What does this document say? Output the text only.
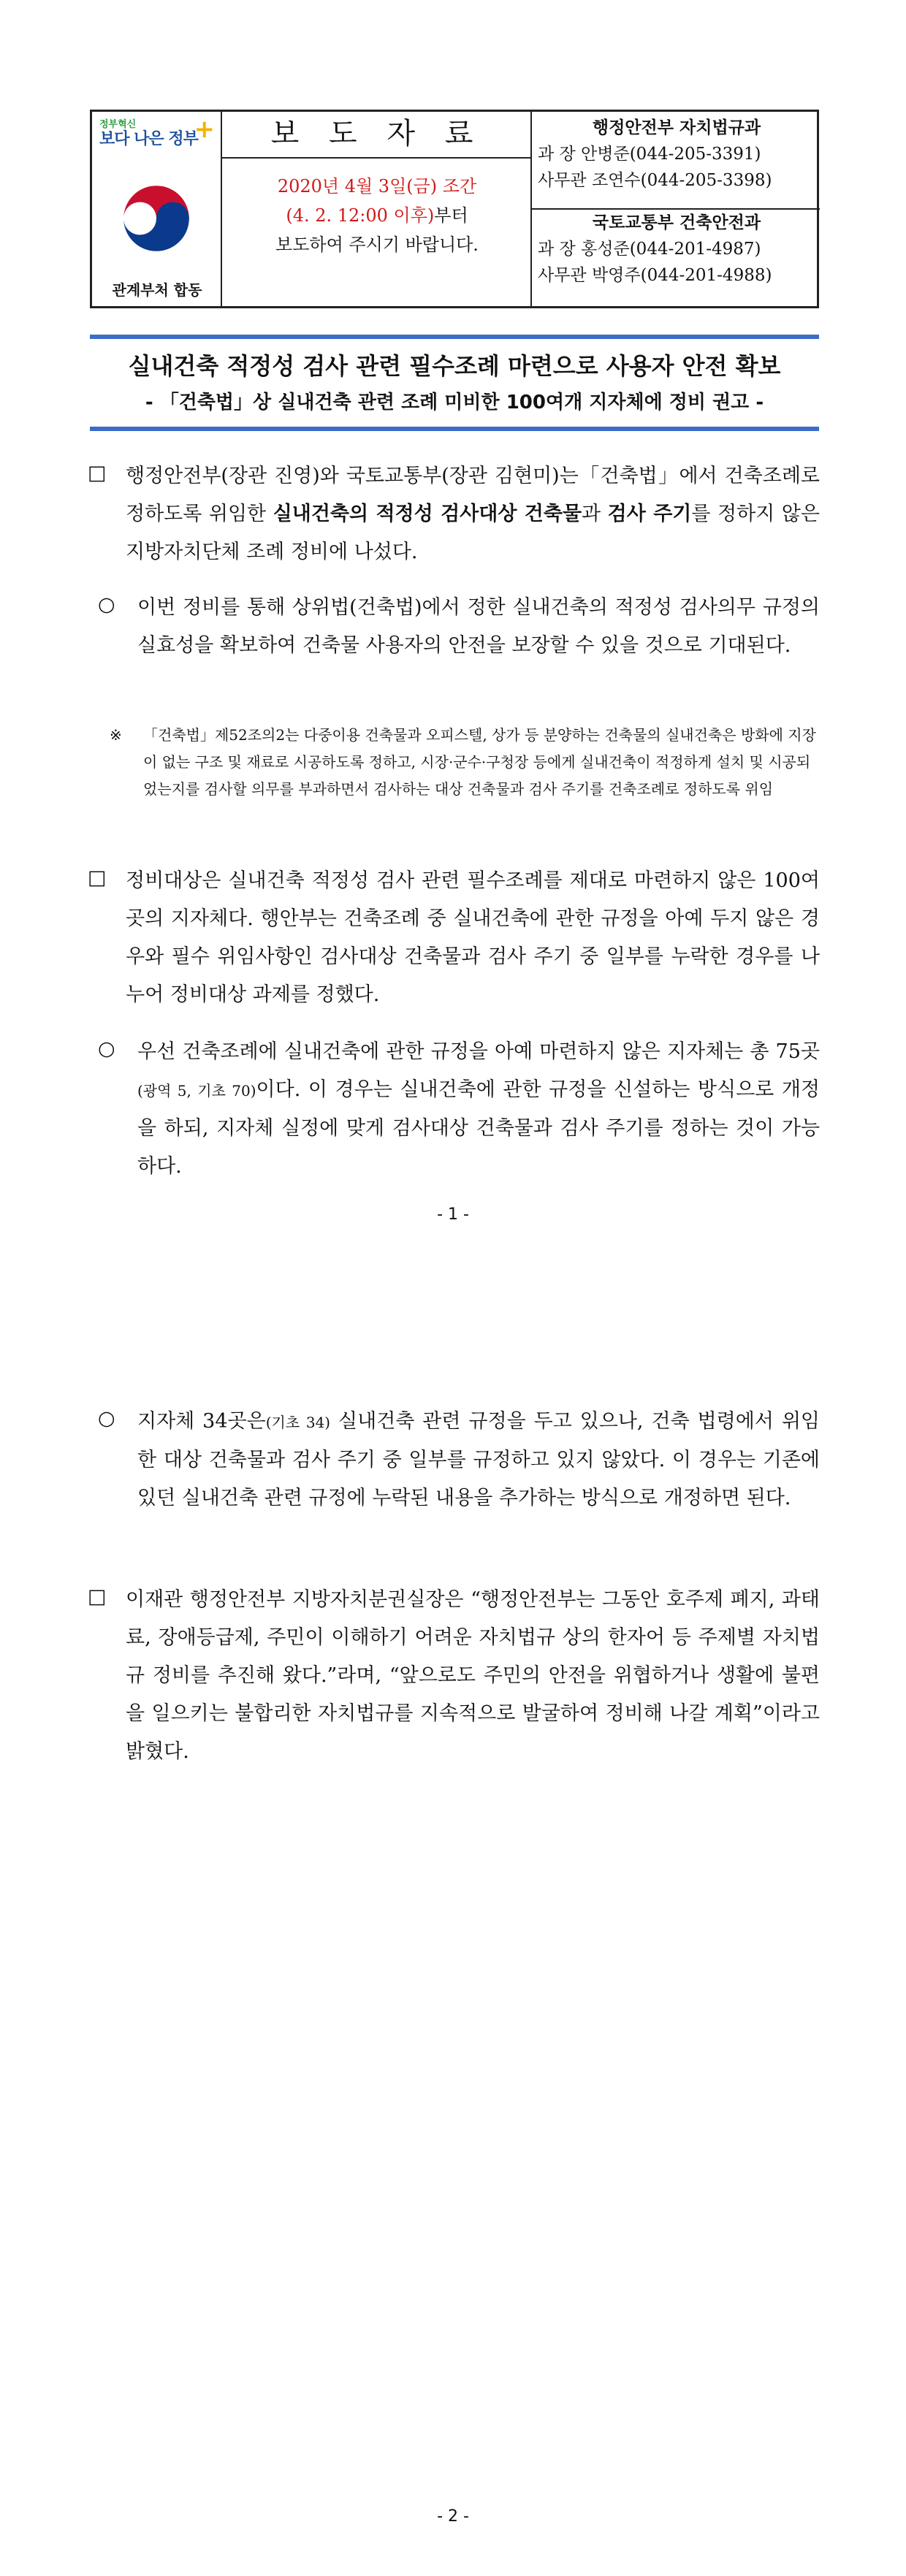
정부혁신
보다 나은 정부
+
관계부처 합동
보 도 자 료
2020년 4월 3일(금) 조간
(4. 2. 12:00 이후)부터
보도하여 주시기 바랍니다.
행정안전부 자치법규과
과 장 안병준(044-205-3391)
사무관 조연수(044-205-3398)
국토교통부 건축안전과
과 장 홍성준(044-201-4987)
사무관 박영주(044-201-4988)
실내건축 적정성 검사 관련 필수조례 마련으로 사용자 안전 확보
- 「건축법」상 실내건축 관련 조례 미비한 100여개 지자체에 정비 권고 -
□ 행정안전부(장관 진영)와 국토교통부(장관 김현미)는「건축법」에서 건축조례로 정하도록 위임한 실내건축의 적정성 검사대상 건축물과 검사 주기를 정하지 않은 지방자치단체 조례 정비에 나섰다.
○ 이번 정비를 통해 상위법(건축법)에서 정한 실내건축의 적정성 검사의무 규정의 실효성을 확보하여 건축물 사용자의 안전을 보장할 수 있을 것으로 기대된다.
※ 「건축법」제52조의2는 다중이용 건축물과 오피스텔, 상가 등 분양하는 건축물의 실내건축은 방화에 지장이 없는 구조 및 재료로 시공하도록 정하고, 시장·군수·구청장 등에게 실내건축이 적정하게 설치 및 시공되었는지를 검사할 의무를 부과하면서 검사하는 대상 건축물과 검사 주기를 건축조례로 정하도록 위임
□ 정비대상은 실내건축 적정성 검사 관련 필수조례를 제대로 마련하지 않은 100여 곳의 지자체다. 행안부는 건축조례 중 실내건축에 관한 규정을 아예 두지 않은 경우와 필수 위임사항인 검사대상 건축물과 검사 주기 중 일부를 누락한 경우를 나누어 정비대상 과제를 정했다.
○ 우선 건축조례에 실내건축에 관한 규정을 아예 마련하지 않은 지자체는 총 75곳(광역 5, 기초 70)이다. 이 경우는 실내건축에 관한 규정을 신설하는 방식으로 개정을 하되, 지자체 실정에 맞게 검사대상 건축물과 검사 주기를 정하는 것이 가능하다.
- 1 -
○ 지자체 34곳은(기초 34) 실내건축 관련 규정을 두고 있으나, 건축 법령에서 위임한 대상 건축물과 검사 주기 중 일부를 규정하고 있지 않았다. 이 경우는 기존에 있던 실내건축 관련 규정에 누락된 내용을 추가하는 방식으로 개정하면 된다.
□ 이재관 행정안전부 지방자치분권실장은 “행정안전부는 그동안 호주제 폐지, 과태료, 장애등급제, 주민이 이해하기 어려운 자치법규 상의 한자어 등 주제별 자치법규 정비를 추진해 왔다.”라며, “앞으로도 주민의 안전을 위협하거나 생활에 불편을 일으키는 불합리한 자치법규를 지속적으로 발굴하여 정비해 나갈 계획”이라고 밝혔다.
- 2 -
